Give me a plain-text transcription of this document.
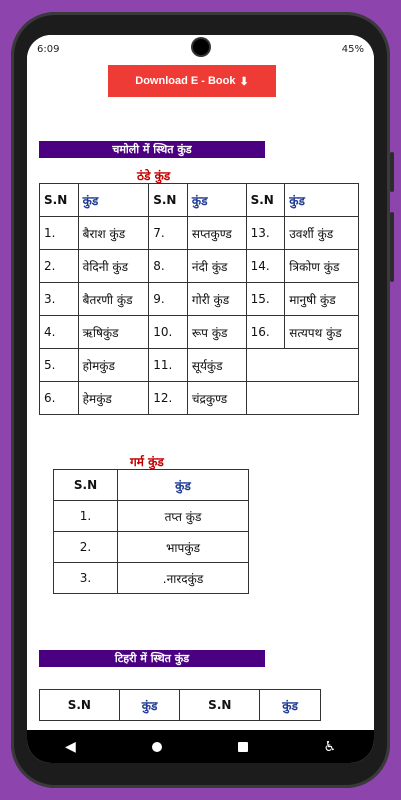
Download E - Book ⬇
चमोली में स्थित कुंड
ठंडे कुंड
S.N	कुंड	S.N	कुंड	S.N	कुंड
1.	बैराश कुंड	7.	सप्तकुण्ड	13.	उवर्शी कुंड
2.	वेदिनी कुंड	8.	नंदी कुंड	14.	त्रिकोण कुंड
3.	बैतरणी कुंड	9.	गोरी कुंड	15.	मानुषी कुंड
4.	ऋषिकुंड	10.	रूप कुंड	16.	सत्यपथ कुंड
5.	होमकुंड	11.	सूर्यकुंड		
6.	हेमकुंड	12.	चंद्रकुण्ड		
गर्म कुंड
S.N	कुंड
1.	तप्त कुंड
2.	भापकुंड
3.	.नारदकुंड
टिहरी में स्थित कुंड
S.N	कुंड	S.N	कुंड
6:09	45%
◀	♿
